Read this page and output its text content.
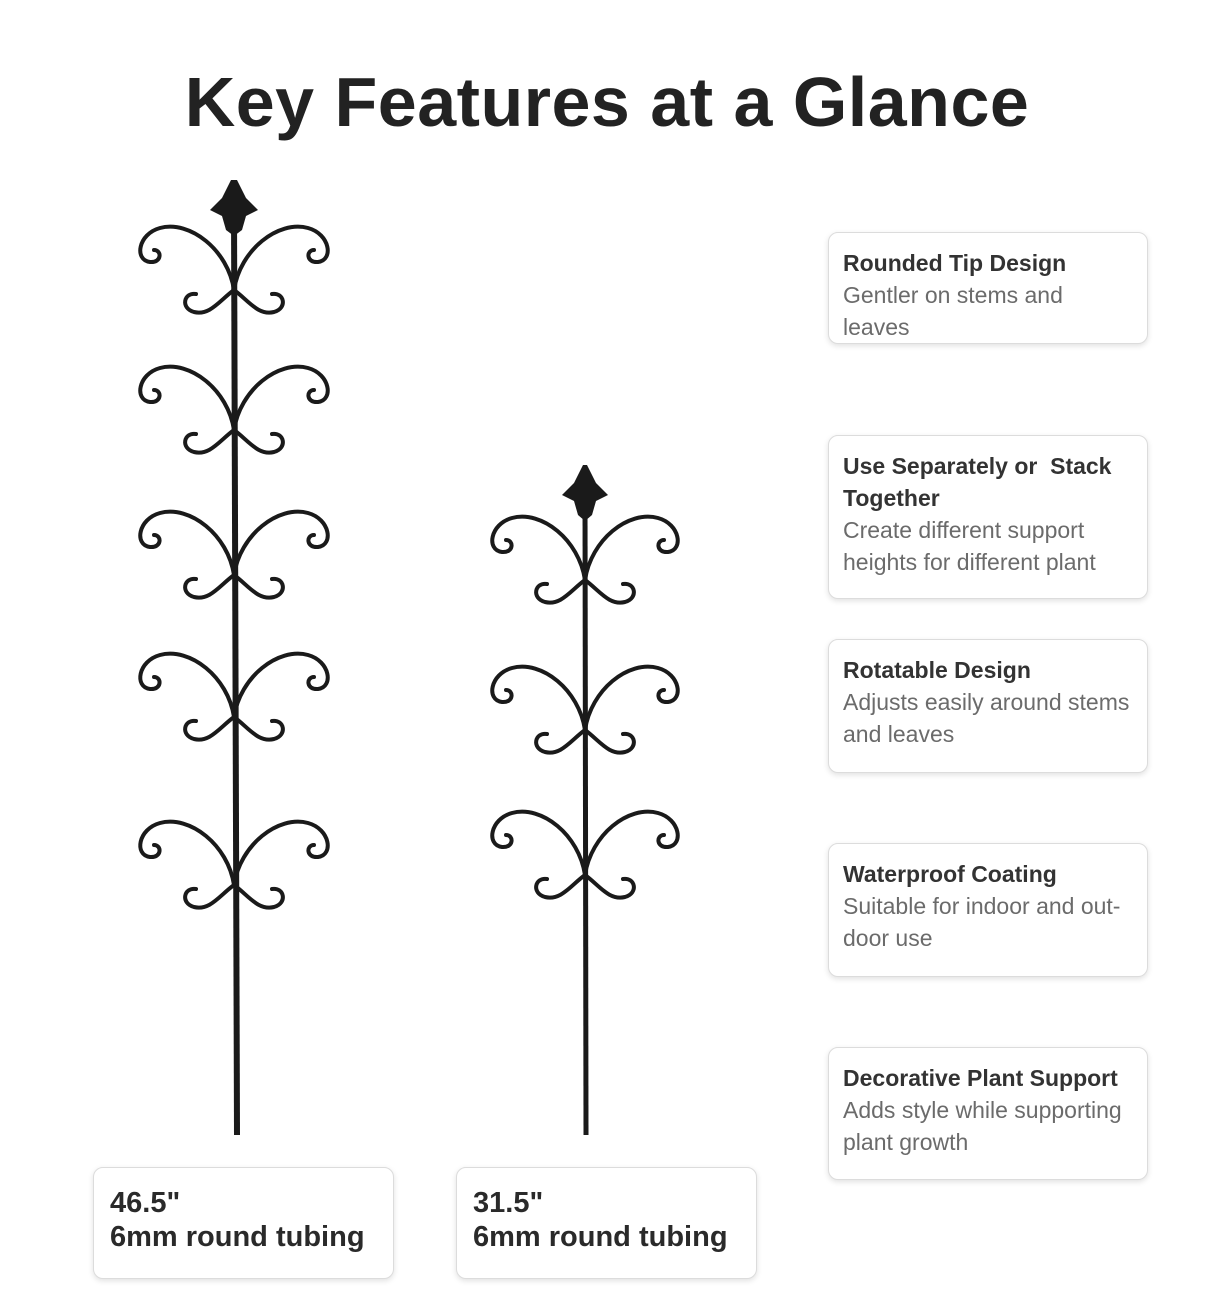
Key Features at a Glance
46.5"
6mm round tubing
31.5"
6mm round tubing
Rounded Tip Design
Gentler on stems and leaves
Use Separately or  Stack Together
Create different support heights for different plant
Rotatable Design
Adjusts easily around stems and leaves
Waterproof Coating
Suitable for indoor and out-door use
Decorative Plant Support
Adds style while supporting plant growth
